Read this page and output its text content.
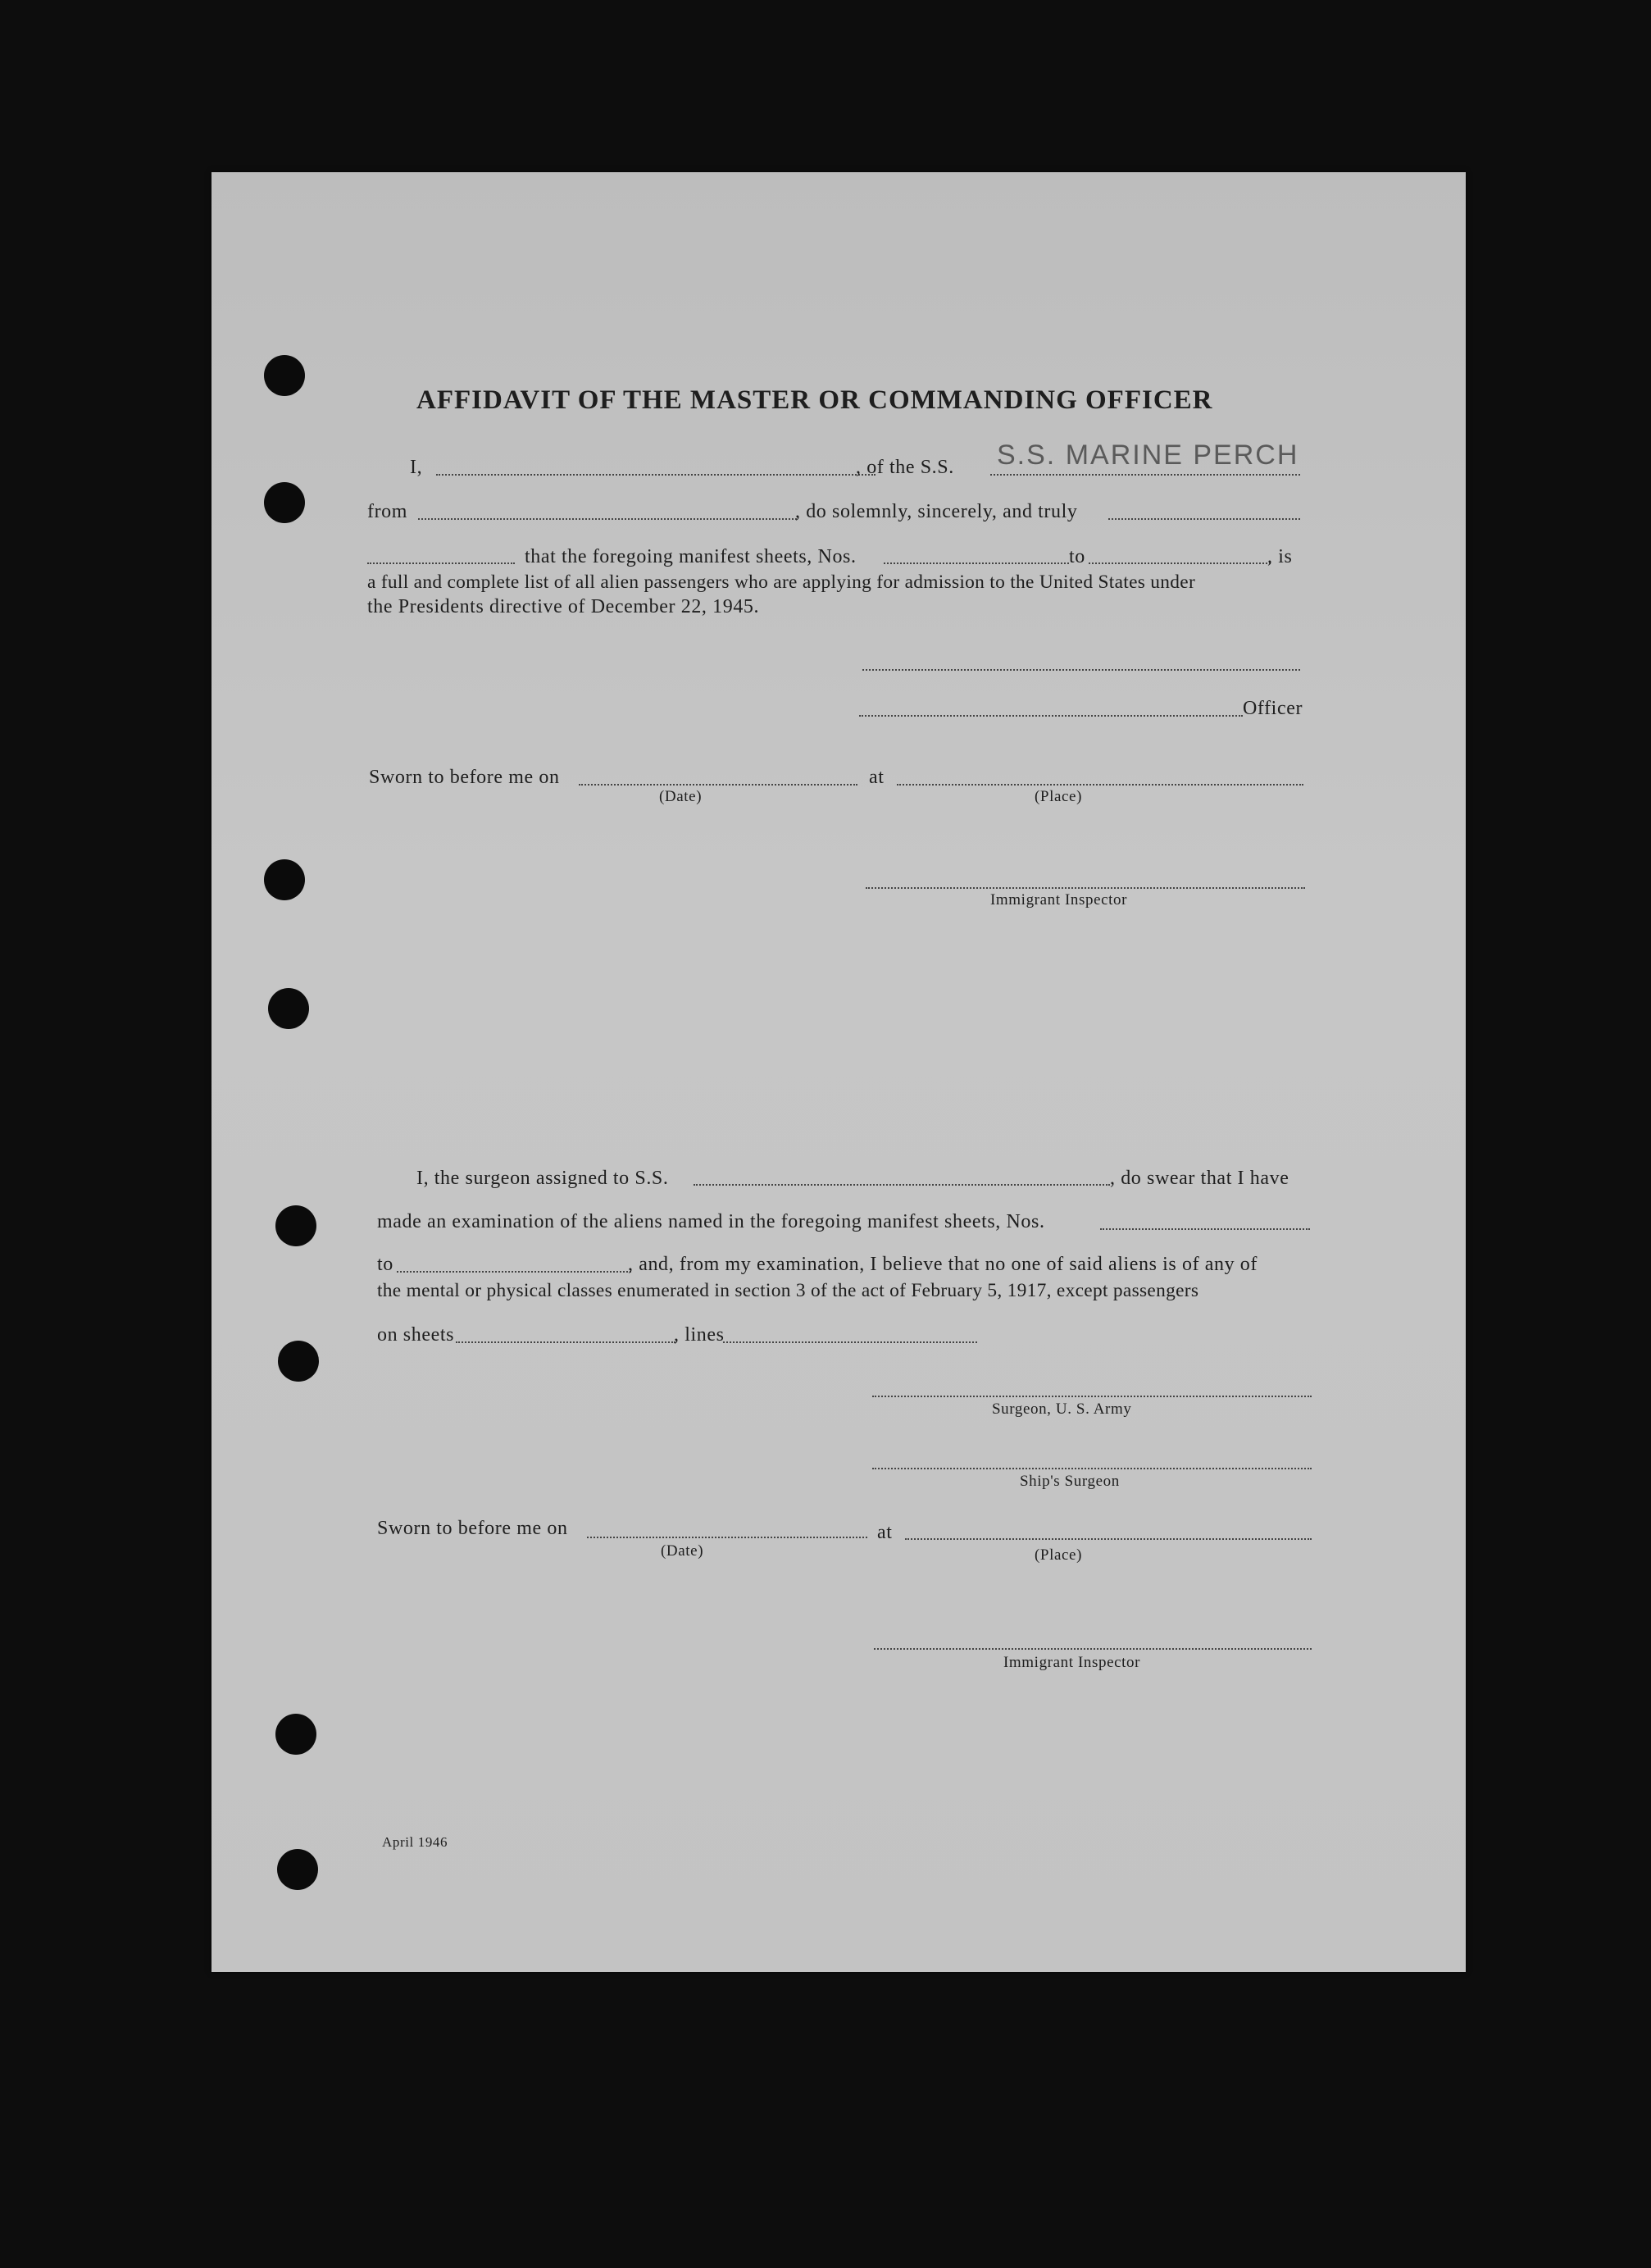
AFFIDAVIT OF THE MASTER OR COMMANDING OFFICER
I,	, of the S.S. S.S. MARINE PERCH
from	, do solemnly, sincerely, and truly
that the foregoing manifest sheets, Nos.	to	, is
a full and complete list of all alien passengers who are applying for admission to the United States under
the Presidents directive of December 22, 1945.
Officer
Sworn to before me on	at
(Date)	(Place)
Immigrant Inspector
I, the surgeon assigned to S.S.	, do swear that I have
made an examination of the aliens named in the foregoing manifest sheets, Nos.
to	, and, from my examination, I believe that no one of said aliens is of any of
the mental or physical classes enumerated in section 3 of the act of February 5, 1917, except passengers
on sheets	, lines
Surgeon, U. S. Army
Ship's Surgeon
Sworn to before me on	at
(Date)	(Place)
Immigrant Inspector
April 1946
